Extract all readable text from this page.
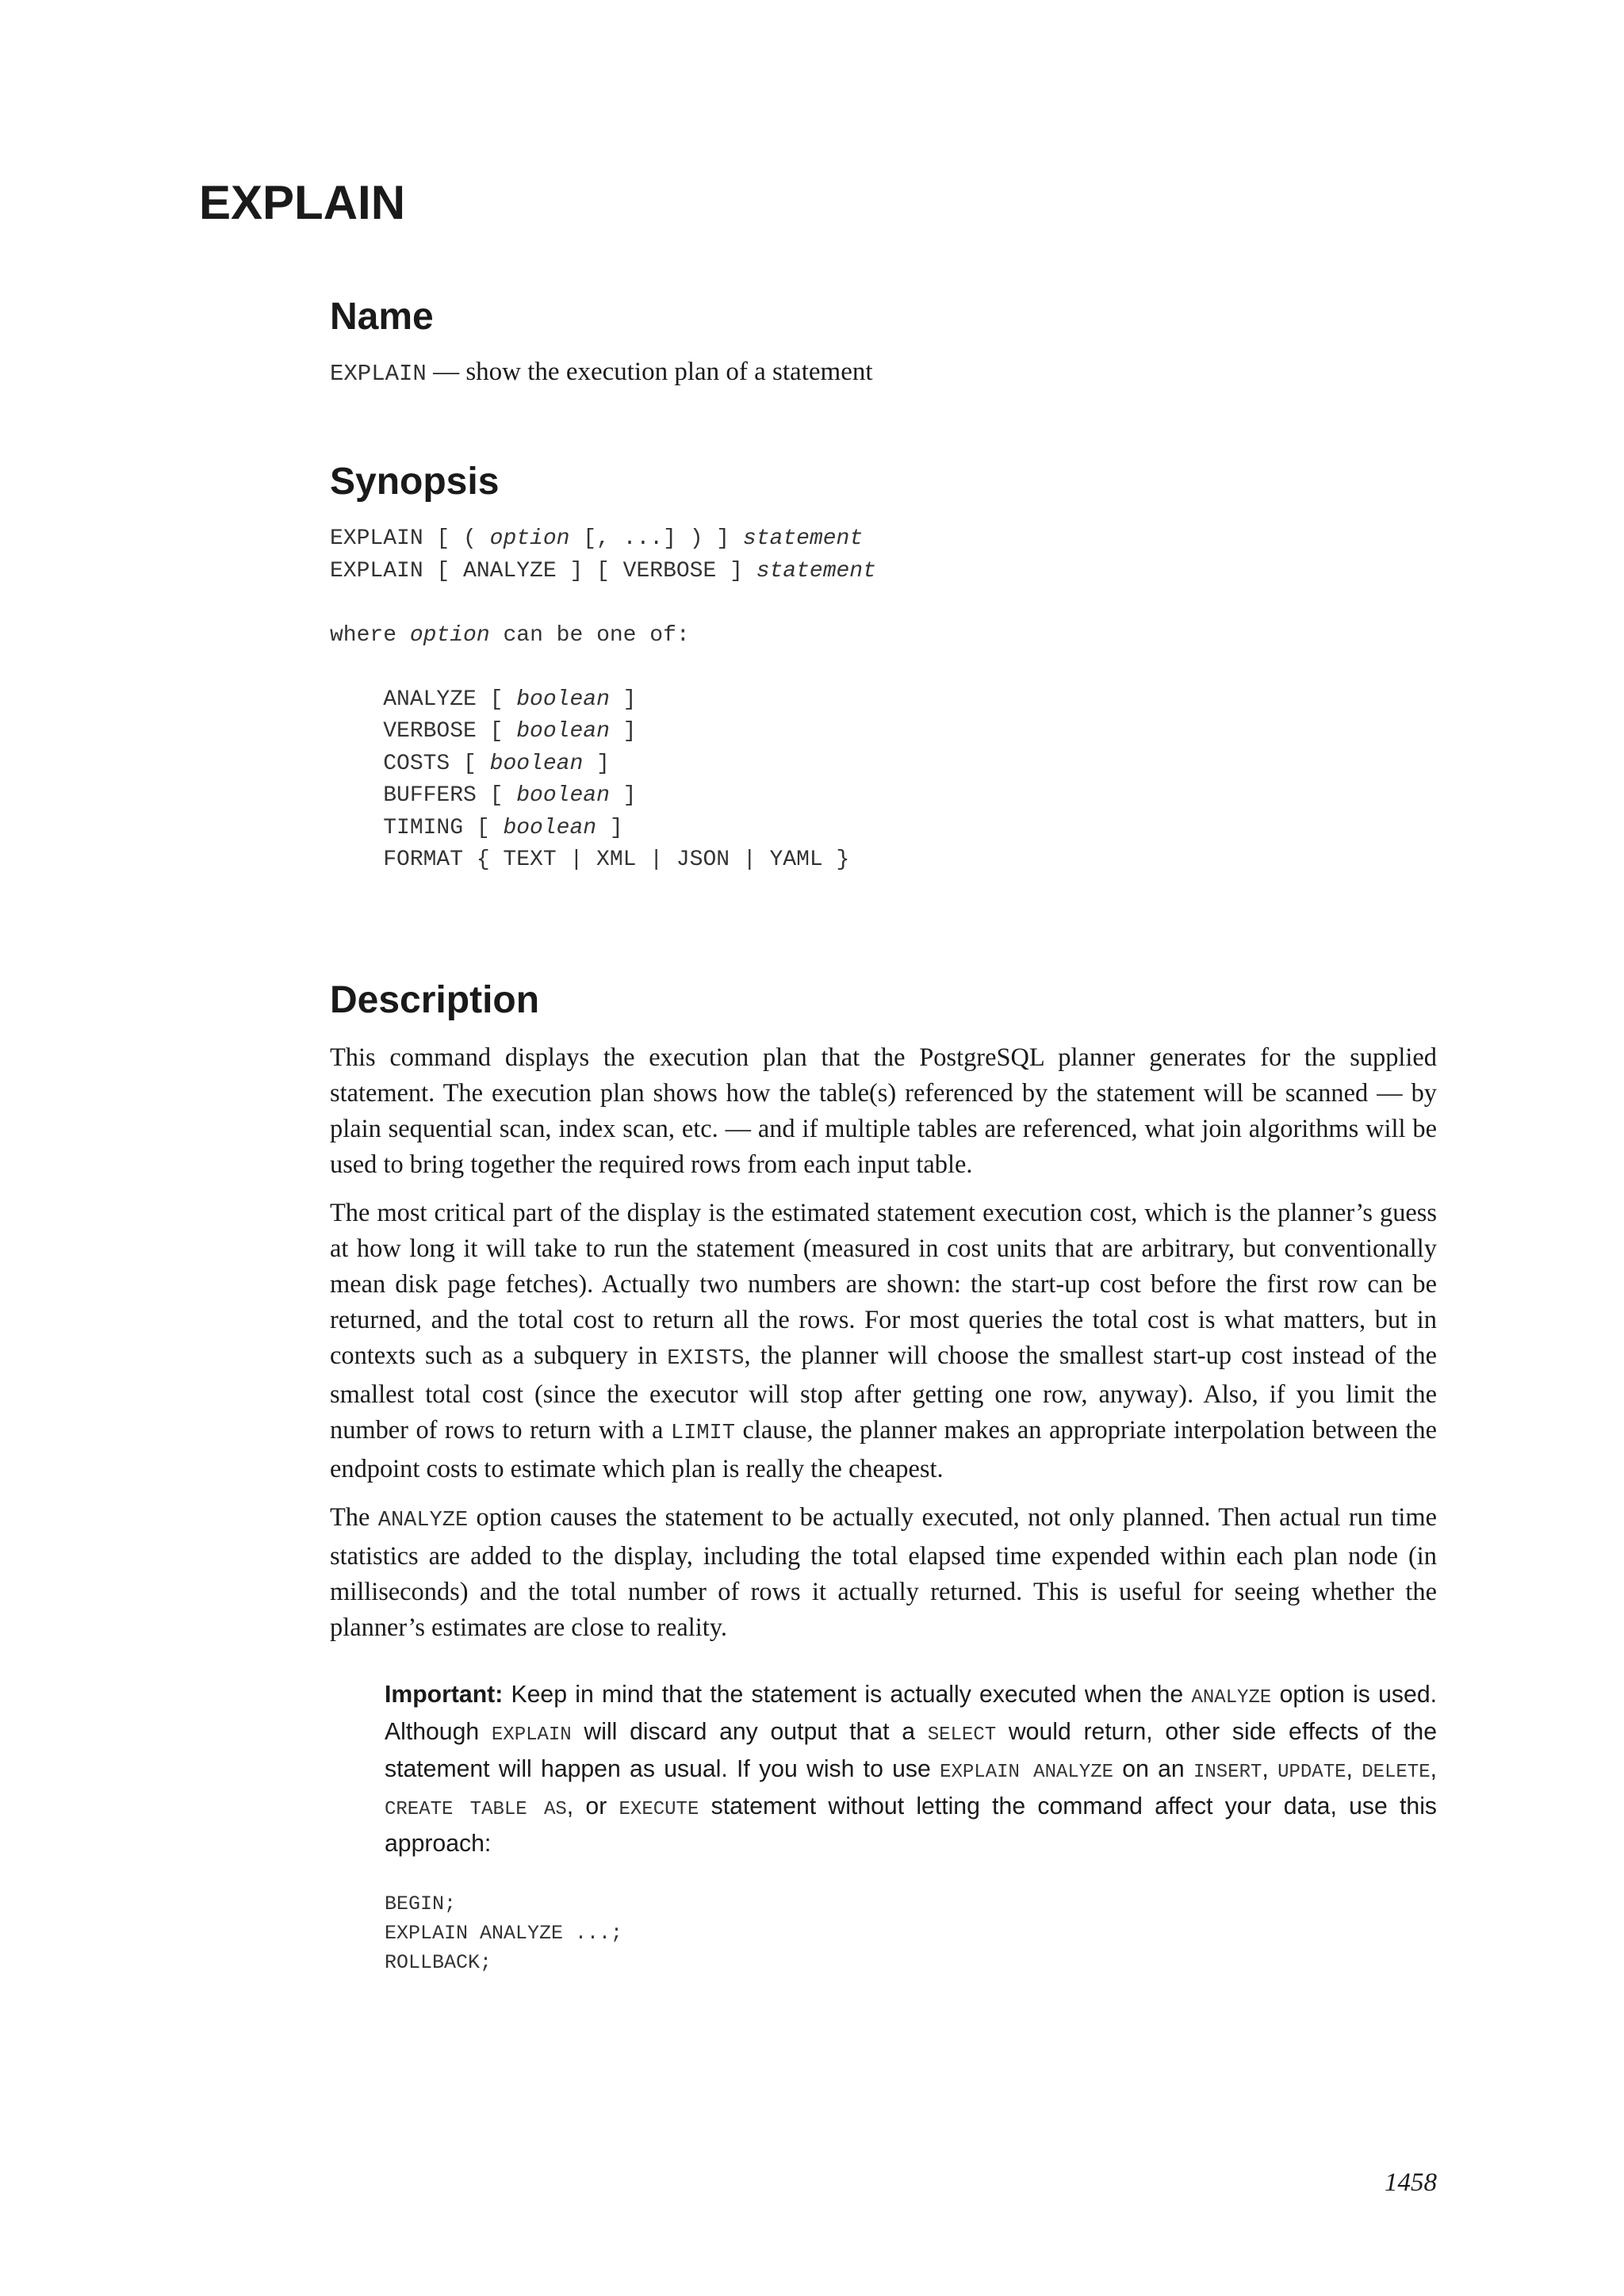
EXPLAIN
Name

EXPLAIN — show the execution plan of a statement

Synopsis
EXPLAIN [ ( option [, ...] ) ] statement
EXPLAIN [ ANALYZE ] [ VERBOSE ] statement

where option can be one of:

ANALYZE [ boolean ]
VERBOSE [ boolean ]
COSTS [ boolean ]
BUFFERS [ boolean ]
TIMING [ boolean ]
FORMAT { TEXT | XML | JSON | YAML }
Description

This command displays the execution plan that the PostgreSQL planner generates for the supplied statement. The execution plan shows how the table(s) referenced by the statement will be scanned — by plain sequential scan, index scan, etc. — and if multiple tables are referenced, what join algorithms will be used to bring together the required rows from each input table.

The most critical part of the display is the estimated statement execution cost, which is the planner’s guess at how long it will take to run the statement (measured in cost units that are arbitrary, but conventionally mean disk page fetches). Actually two numbers are shown: the start-up cost before the first row can be returned, and the total cost to return all the rows. For most queries the total cost is what matters, but in contexts such as a subquery in EXISTS, the planner will choose the smallest start-up cost instead of the smallest total cost (since the executor will stop after getting one row, anyway). Also, if you limit the number of rows to return with a LIMIT clause, the planner makes an appropriate interpolation between the endpoint costs to estimate which plan is really the cheapest.

The ANALYZE option causes the statement to be actually executed, not only planned. Then actual run time statistics are added to the display, including the total elapsed time expended within each plan node (in milliseconds) and the total number of rows it actually returned. This is useful for seeing whether the planner’s estimates are close to reality.

Important: Keep in mind that the statement is actually executed when the ANALYZE option is used. Although EXPLAIN will discard any output that a SELECT would return, other side effects of the statement will happen as usual. If you wish to use EXPLAIN ANALYZE on an INSERT, UPDATE, DELETE, CREATE TABLE AS, or EXECUTE statement without letting the command affect your data, use this approach:

BEGIN;
EXPLAIN ANALYZE ...;
ROLLBACK;
1458
